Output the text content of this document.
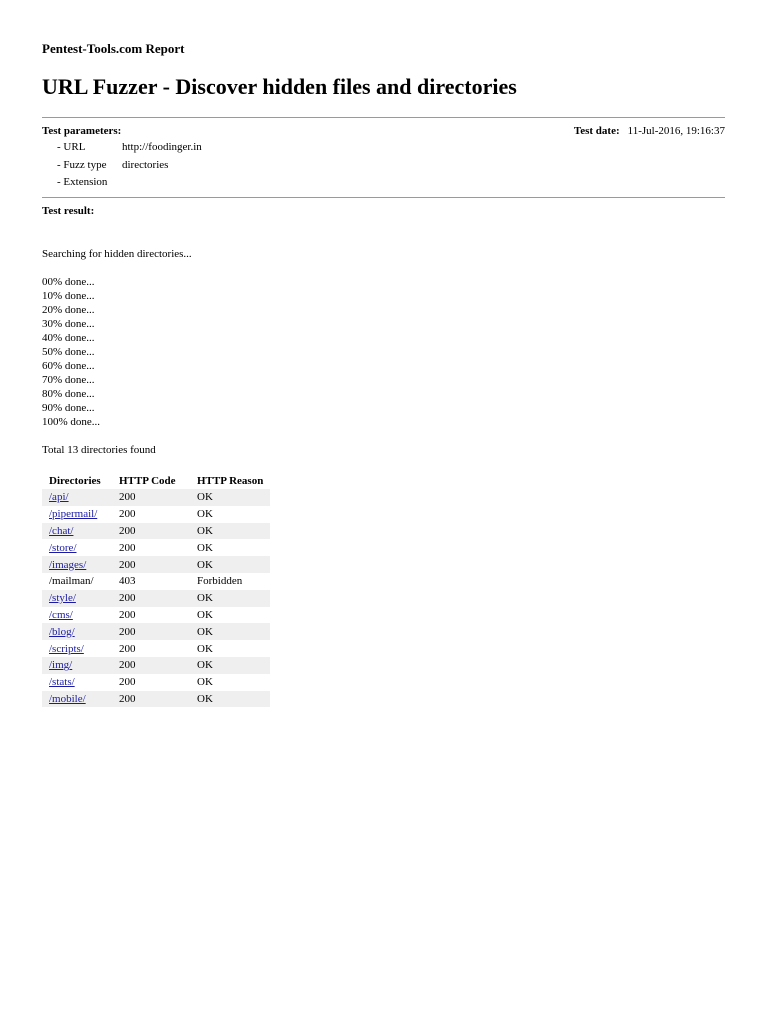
Pentest-Tools.com Report
URL Fuzzer - Discover hidden files and directories
Test parameters:	Test date: 11-Jul-2016, 19:16:37
- URL	http://foodinger.in
- Fuzz type directories
- Extension
Test result:
Searching for hidden directories...
00% done...
10% done...
20% done...
30% done...
40% done...
50% done...
60% done...
70% done...
80% done...
90% done...
100% done...
Total 13 directories found
Directories	HTTP Code	HTTP Reason
/api/	200	OK
/pipermail/	200	OK
/chat/	200	OK
/store/	200	OK
/images/	200	OK
/mailman/	403	Forbidden
/style/	200	OK
/cms/	200	OK
/blog/	200	OK
/scripts/	200	OK
/img/	200	OK
/stats/	200	OK
/mobile/	200	OK
